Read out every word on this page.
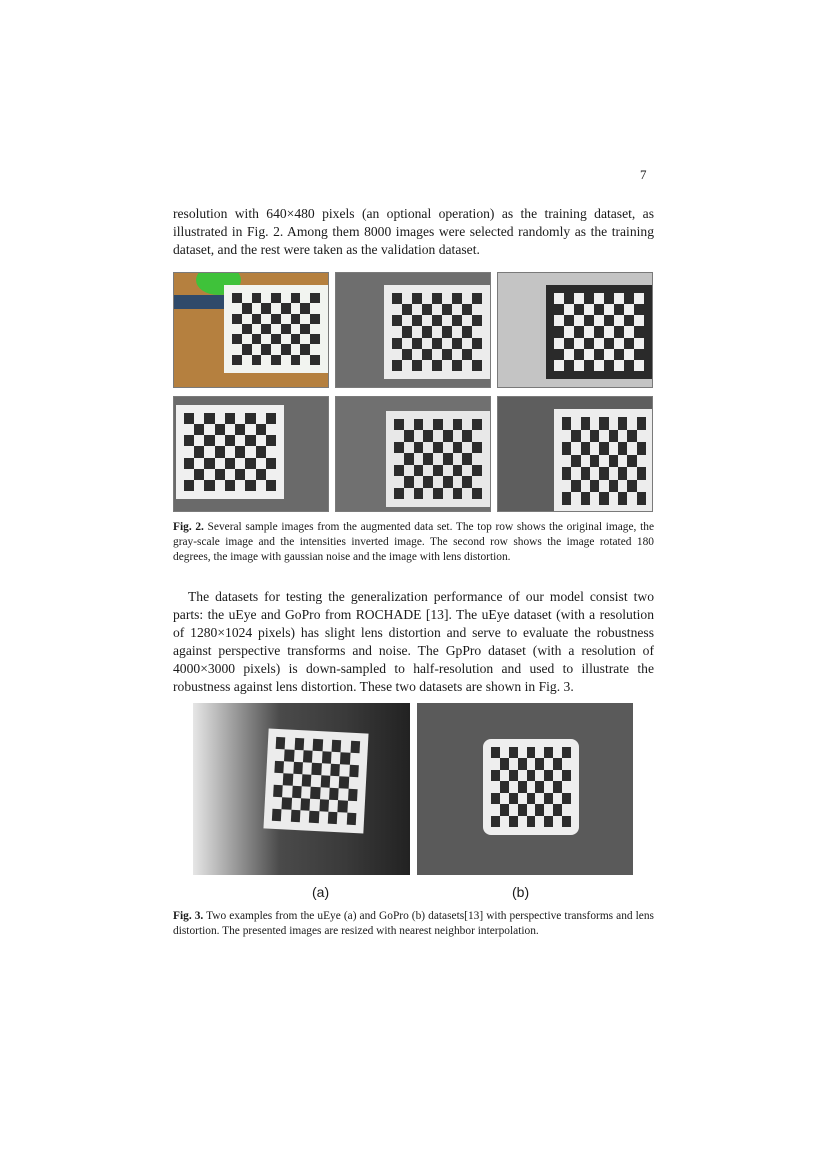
7

resolution with 640×480 pixels (an optional operation) as the training dataset, as illustrated in Fig. 2. Among them 8000 images were selected randomly as the training dataset, and the rest were taken as the validation dataset.

Fig. 2. Several sample images from the augmented data set. The top row shows the original image, the gray-scale image and the intensities inverted image. The second row shows the image rotated 180 degrees, the image with gaussian noise and the image with lens distortion.

The datasets for testing the generalization performance of our model consist two parts: the uEye and GoPro from ROCHADE [13]. The uEye dataset (with a resolution of 1280×1024 pixels) has slight lens distortion and serve to evaluate the robustness against perspective transforms and noise. The GpPro dataset (with a resolution of 4000×3000 pixels) is down-sampled to half-resolution and used to illustrate the robustness against lens distortion. These two datasets are shown in Fig. 3.

(a)	(b)

Fig. 3. Two examples from the uEye (a) and GoPro (b) datasets[13] with perspective transforms and lens distortion. The presented images are resized with nearest neighbor interpolation.
